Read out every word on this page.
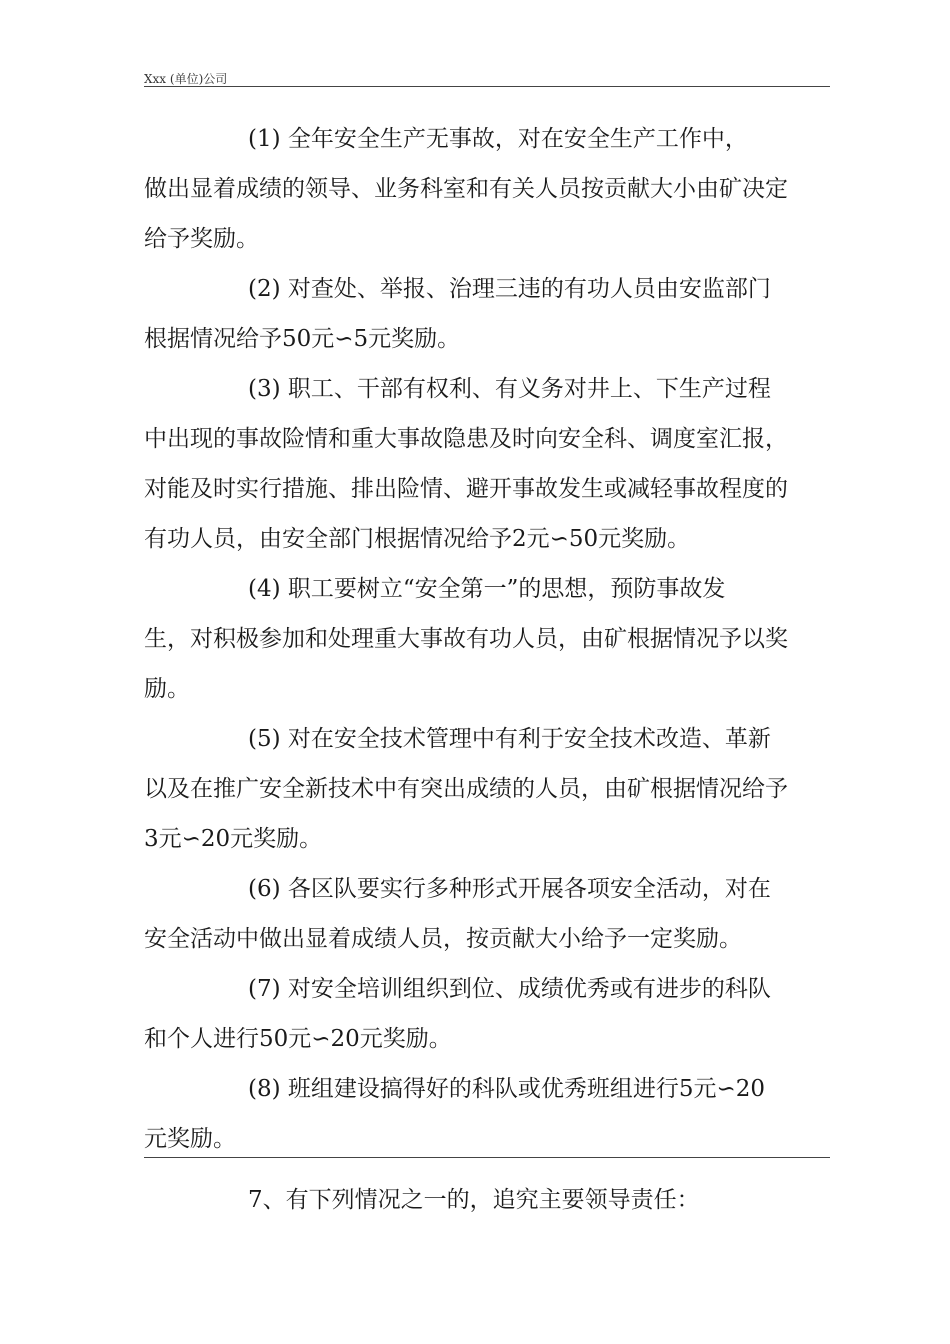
Xxx (单位)公司
(1) 全年安全生产无事故，对在安全生产工作中，
做出显着成绩的领导、业务科室和有关人员按贡献大小由矿决定
给予奖励。
(2) 对查处、举报、治理三违的有功人员由安监部门
根据情况给予50元∽5元奖励。
(3) 职工、干部有权利、有义务对井上、下生产过程
中出现的事故险情和重大事故隐患及时向安全科、调度室汇报，
对能及时实行措施、排出险情、避开事故发生或减轻事故程度的
有功人员，由安全部门根据情况给予2元∽50元奖励。
(4) 职工要树立“安全第一”的思想，预防事故发
生，对积极参加和处理重大事故有功人员，由矿根据情况予以奖
励。
(5) 对在安全技术管理中有利于安全技术改造、革新
以及在推广安全新技术中有突出成绩的人员，由矿根据情况给予
3元∽20元奖励。
(6) 各区队要实行多种形式开展各项安全活动，对在
安全活动中做出显着成绩人员，按贡献大小给予一定奖励。
(7) 对安全培训组织到位、成绩优秀或有进步的科队
和个人进行50元∽20元奖励。
(8) 班组建设搞得好的科队或优秀班组进行5元∽20
元奖励。
7、有下列情况之一的，追究主要领导责任：
